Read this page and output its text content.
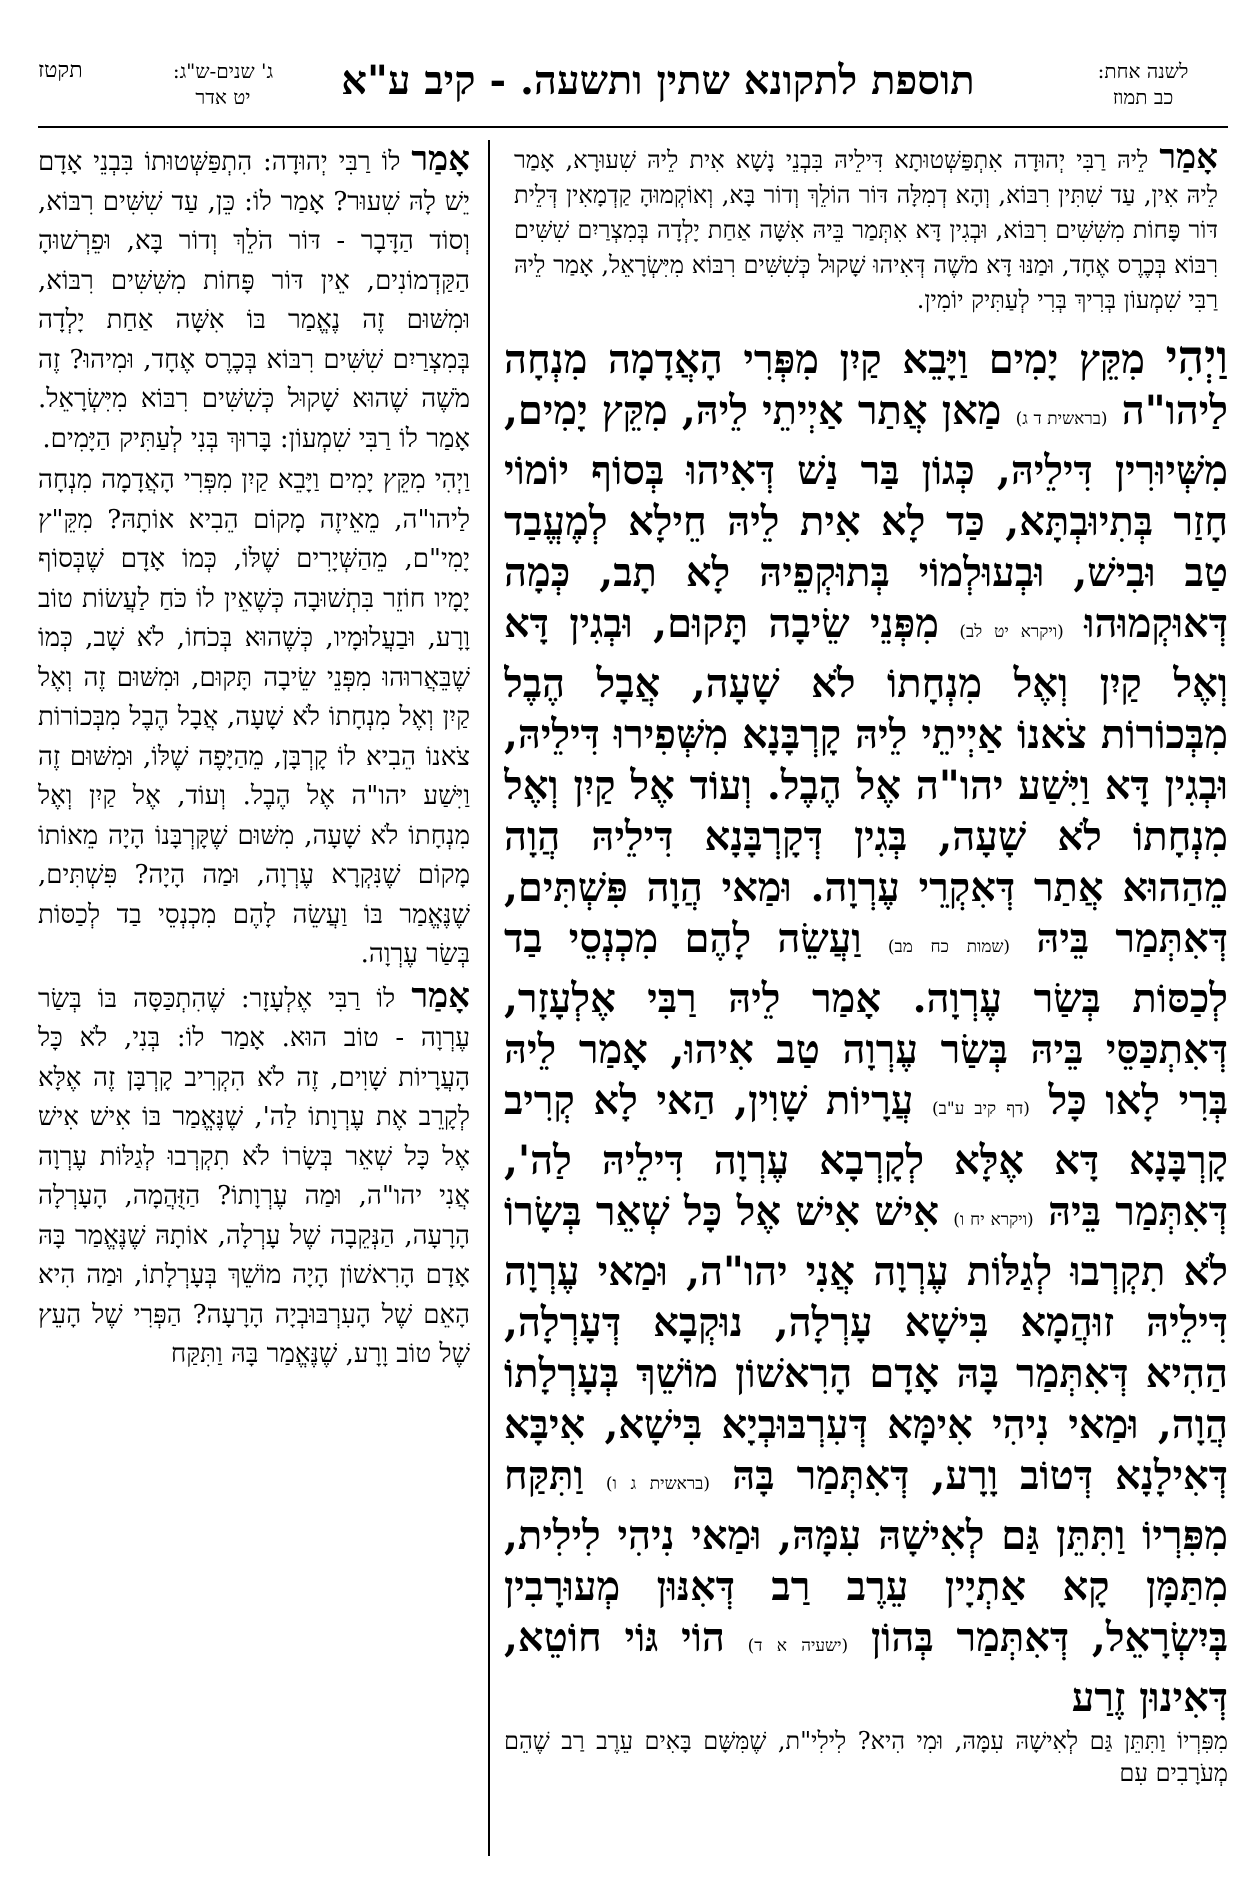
תקטז	ג' שנים-ש"ג:
יט אדר	תוספת לתקונא שתין ותשעה. - קיב ע"א	לשנה אחת:
כב תמוז

אָמַר לֵיהּ רַבִּי יְהוּדָה אִתְפַּשְּׁטוּתָא דִּילֵיהּ בִּבְנֵי נָשָׁא אִית לֵיהּ שִׁעוּרָא, אָמַר לֵיהּ אִין, עַד שִׁתִּין רִבּוֹא, וְהָא דְמִלָּה דּוֹר הוֹלֵךְ וְדוֹר בָּא, וְאוֹקְמוּהָ קַדְמָאִין דְּלֵית דּוֹר פָּחוֹת מִשִּׁשִּׁים רִבּוֹא, וּבְגִין דָּא אִתְּמַר בֵּיהּ אִשָּׁה אַחַת יָלְדָה בְּמִצְרַיִם שִׁשִּׁים רִבּוֹא בְּכֶרֶס אֶחָד, וּמַנּוּ דָּא מֹשֶׁה דְּאִיהוּ שָׁקוּל כְּשִׁשִּׁים רִבּוֹא מִיִּשְׂרָאֵל, אָמַר לֵיהּ רַבִּי שִׁמְעוֹן בְּרִיךְ בְּרִי לְעַתִּיק יוֹמִין.

וַיְהִי מִקֵּץ יָמִים וַיָּבֵא קַיִן מִפְּרִי הָאֲדָמָה מִנְחָה לַיהו"ה (בראשית ד ג) מַאן אֲתַר אַיְיתֵי לֵיהּ, מִקֵּץ יָמִים, מִשְּׁיוּרִין דִּילֵיהּ, כְּגוֹן בַּר נַשׁ דְּאִיהוּ בְּסוֹף יוֹמוֹי חָזַר בְּתִיוּבְתָּא, כַּד לָא אִית לֵיהּ חֵילָא לְמֶעֱבַד טַב וּבִישׁ, וּבְעוּלְמוֹי בְּתוּקְפֵיהּ לָא תָב, כְּמָה דְּאוּקְמוּהוּ (ויקרא יט לב) מִפְּנֵי שֵׂיבָה תָּקוּם, וּבְגִין דָּא וְאֶל קַיִן וְאֶל מִנְחָתוֹ לֹא שָׁעָה, אֲבָל הֶבֶל מִבְּכוֹרוֹת צֹאנוֹ אַיְיתֵי לֵיהּ קָרְבָּנָא מִשְּׁפִירוּ דִּילֵיהּ, וּבְגִין דָּא וַיִּשַׁע יהו"ה אֶל הֶבֶל. וְעוֹד אֶל קַיִן וְאֶל מִנְחָתוֹ לֹא שָׁעָה, בְּגִין דְּקָרְבָּנָא דִּילֵיהּ הֲוָה מֵהַהוּא אֲתַר דְּאִקְרֵי עֶרְוָה. וּמַאי הֲוָה פִּשְׁתִּים, דְּאִתְּמַר בֵּיהּ (שמות כח מב) וַעֲשֵׂה לָהֶם מִכְנְסֵי בַד לְכַסּוֹת בְּשַׂר עֶרְוָה. אָמַר לֵיהּ רַבִּי אֶלְעָזָר, דְּאִתְכַּסֵּי בֵּיהּ בְּשַׂר עֶרְוָה טַב אִיהוּ, אָמַר לֵיהּ בְּרִי לָאו כָּל (דף קיב ע"ב) עֲרָיוֹת שָׁוִין, הַאי לָא קְרִיב קָרְבָּנָא דָּא אֶלָּא לְקָרְבָא עֶרְוָה דִּילֵיהּ לַה', דְּאִתְּמַר בֵּיהּ (ויקרא יח ו) אִישׁ אִישׁ אֶל כָּל שְׁאֵר בְּשָׂרוֹ לֹא תִקְרְבוּ לְגַלּוֹת עֶרְוָה אֲנִי יהו"ה, וּמַאי עֶרְוָה דִּילֵיהּ זוּהֲמָא בִּישָׁא עָרְלָה, נוּקְבָא דְּעָרְלָה, הַהִיא דְּאִתְּמַר בָּהּ אָדָם הָרִאשׁוֹן מוֹשֵׁךְ בְּעָרְלָתוֹ הֲוָה, וּמַאי נִיהִי אִימָּא דְּעִרְבּוּבְיָא בִּישָׁא, אִיבָּא דְּאִילָנָא דְּטוֹב וָרָע, דְּאִתְּמַר בָּהּ (בראשית ג ו) וַתִּקַּח מִפִּרְיוֹ וַתִּתֵּן גַּם לְאִישָׁהּ עִמָּהּ, וּמַאי נִיהִי לִילִית, מִתַּמָּן קָא אַתְיָין עֵרֶב רַב דְּאִנּוּן מְעוּרָבִין בְּיִשְׂרָאֵל, דְּאִתְּמַר בְּהוֹן (ישעיה א ד) הוֹי גּוֹי חוֹטֵא, דְּאִינוּן זֶרַע

מִפִּרְיוֹ וַתִּתֵּן גַּם לְאִישָׁהּ עִמָּהּ, וּמִי הִיא? לִילִי"ת, שֶׁמִּשָּׁם בָּאִים עֵרֶב רַב שֶׁהֵם מְעֹרָבִים עִם

אָמַר לוֹ רַבִּי יְהוּדָה: הִתְפַּשְּׁטוּתוֹ בִּבְנֵי אָדָם יֵשׁ לָהּ שִׁעוּר? אָמַר לוֹ: כֵּן, עַד שִׁשִּׁים רִבּוֹא, וְסוֹד הַדָּבָר - דּוֹר הֹלֵךְ וְדוֹר בָּא, וּפֵרְשׁוּהָ הַקַּדְמוֹנִים, אֵין דּוֹר פָּחוֹת מִשִּׁשִּׁים רִבּוֹא, וּמִשּׁוּם זֶה נֶאֱמַר בּוֹ אִשָּׁה אַחַת יָלְדָה בְּמִצְרַיִם שִׁשִּׁים רִבּוֹא בְּכֶרֶס אֶחָד, וּמִיהוּ? זֶה מֹשֶׁה שֶׁהוּא שָׁקוּל כְּשִׁשִּׁים רִבּוֹא מִיִּשְׂרָאֵל. אָמַר לוֹ רַבִּי שִׁמְעוֹן: בָּרוּךְ בְּנִי לְעַתִּיק הַיָּמִים.

וַיְהִי מִקֵּץ יָמִים וַיָּבֵא קַיִן מִפְּרִי הָאֲדָמָה מִנְחָה לַיהו"ה, מֵאֵיזֶה מָקוֹם הֵבִיא אוֹתָהּ? מִקֵּ"ץ יָמִי"ם, מֵהַשְּׁיָרִים שֶׁלּוֹ, כְּמוֹ אָדָם שֶׁבְּסוֹף יָמָיו חוֹזֵר בִּתְשׁוּבָה כְּשֶׁאֵין לוֹ כֹּחַ לַעֲשׂוֹת טוֹב וָרָע, וּבַעֲלוּמָיו, כְּשֶׁהוּא בְּכֹחוֹ, לֹא שָׁב, כְּמוֹ שֶׁבֵּאֲרוּהוּ מִפְּנֵי שֵׂיבָה תָּקוּם, וּמִשּׁוּם זֶה וְאֶל קַיִן וְאֶל מִנְחָתוֹ לֹא שָׁעָה, אֲבָל הֶבֶל מִבְּכוֹרוֹת צֹאנוֹ הֵבִיא לוֹ קָרְבָּן, מֵהַיָּפֶה שֶׁלּוֹ, וּמִשּׁוּם זֶה וַיִּשַׁע יהו"ה אֶל הֶבֶל. וְעוֹד, אֶל קַיִן וְאֶל מִנְחָתוֹ לֹא שָׁעָה, מִשּׁוּם שֶׁקָּרְבָּנוֹ הָיָה מֵאוֹתוֹ מָקוֹם שֶׁנִּקְרָא עֶרְוָה, וּמַה הָיָה? פִּשְׁתִּים, שֶׁנֶּאֱמַר בּוֹ וַעֲשֵׂה לָהֶם מִכְנְסֵי בַד לְכַסּוֹת בְּשַׂר עֶרְוָה.

אָמַר לוֹ רַבִּי אֶלְעָזָר: שֶׁהִתְכַּסָּה בּוֹ בְּשַׂר עֶרְוָה - טוֹב הוּא. אָמַר לוֹ: בְּנִי, לֹא כָּל הָעֲרָיוֹת שָׁוִים, זֶה לֹא הִקְרִיב קָרְבָּן זֶה אֶלָּא לְקָרֵב אֶת עֶרְוָתוֹ לַה', שֶׁנֶּאֱמַר בּוֹ אִישׁ אִישׁ אֶל כָּל שְׁאֵר בְּשָׂרוֹ לֹא תִקְרְבוּ לְגַלּוֹת עֶרְוָה אֲנִי יהו"ה, וּמַה עֶרְוָתוֹ? הַזֻּהֲמָה, הָעָרְלָה הָרָעָה, הַנְּקֵבָה שֶׁל עָרְלָה, אוֹתָהּ שֶׁנֶּאֱמַר בָּהּ אָדָם הָרִאשׁוֹן הָיָה מוֹשֵׁךְ בְּעָרְלָתוֹ, וּמַה הִיא הָאֵם שֶׁל הָעִרְבּוּבְיָה הָרָעָה? הַפְּרִי שֶׁל הָעֵץ שֶׁל טוֹב וָרָע, שֶׁנֶּאֱמַר בָּהּ וַתִּקַּח
